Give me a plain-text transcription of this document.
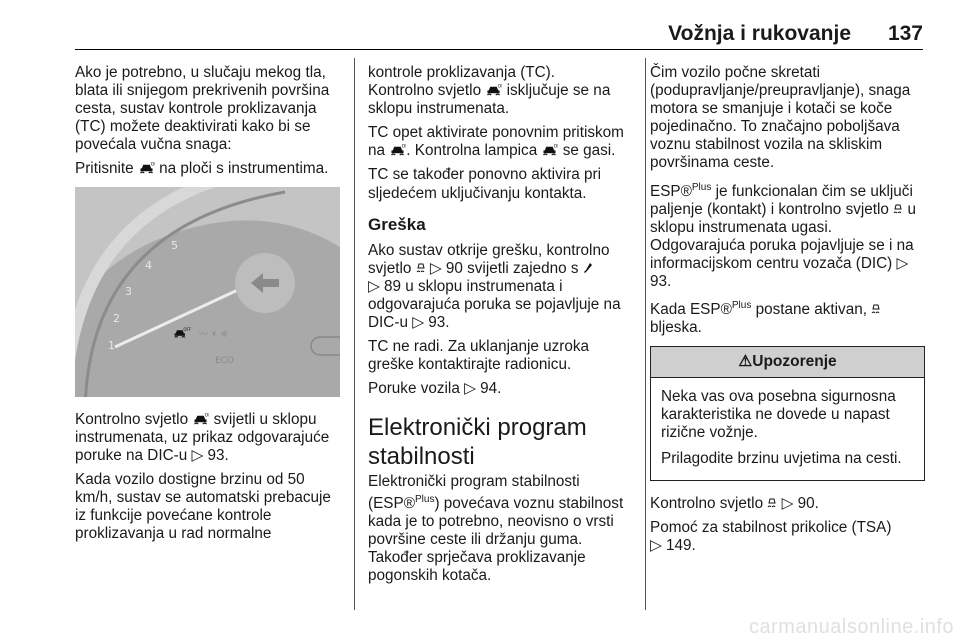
Vožnja i rukovanje 137

Ako je potrebno, u slučaju mekog tla, blata ili snijegom prekrivenih površina cesta, sustav kontrole proklizavanja (TC) možete deaktivirati kako bi se povećala vučna snaga:

Pritisnite na ploči s instrumentima.

5
4
3
2
1
〰 ⚡ ☼
ECO

Kontrolno svjetlo svijetli u sklopu instrumenata, uz prikaz odgovarajuće poruke na DIC-u ▷ 93.

Kada vozilo dostigne brzinu od 50 km/h, sustav se automatski prebacuje iz funkcije povećane kontrole proklizavanja u rad normalne

kontrole proklizavanja (TC).

Kontrolno svjetlo isključuje se na sklopu instrumenata.

TC opet aktivirate ponovnim pritiskom na . Kontrolna lampica se gasi.

TC se također ponovno aktivira pri sljedećem uključivanju kontakta.

Greška

Ako sustav otkrije grešku, kontrolno svjetlo ▷ 90 svijetli zajedno s
▷ 89 u sklopu instrumenata i odgovarajuća poruka se pojavljuje na DIC-u ▷ 93.

TC ne radi. Za uklanjanje uzroka greške kontaktirajte radionicu.

Poruke vozila ▷ 94.

Elektronički program stabilnosti

Elektronički program stabilnosti (ESP®$^{Plus}$) povećava voznu stabilnost kada je to potrebno, neovisno o vrsti površine ceste ili držanju guma. Također sprječava proklizavanje pogonskih kotača.

Čim vozilo počne skretati (podupravljanje/preupravljanje), snaga motora se smanjuje i kotači se koče pojedinačno. To značajno poboljšava voznu stabilnost vozila na skliskim površinama ceste.

ESP®$^{Plus}$ je funkcionalan čim se uključi paljenje (kontakt) i kontrolno svjetlo u sklopu instrumenata ugasi. Odgovarajuća poruka pojavljuje se i na informacijskom centru vozača (DIC) ▷ 93.

Kada ESP®$^{Plus}$ postane aktivan,
bljeska.

⚠Upozorenje

Neka vas ova posebna sigurnosna karakteristika ne dovede u napast rizične vožnje.

Prilagodite brzinu uvjetima na cesti.

Kontrolno svjetlo ▷ 90.

Pomoć za stabilnost prikolice (TSA)

▷ 149.

carmanualsonline.info
